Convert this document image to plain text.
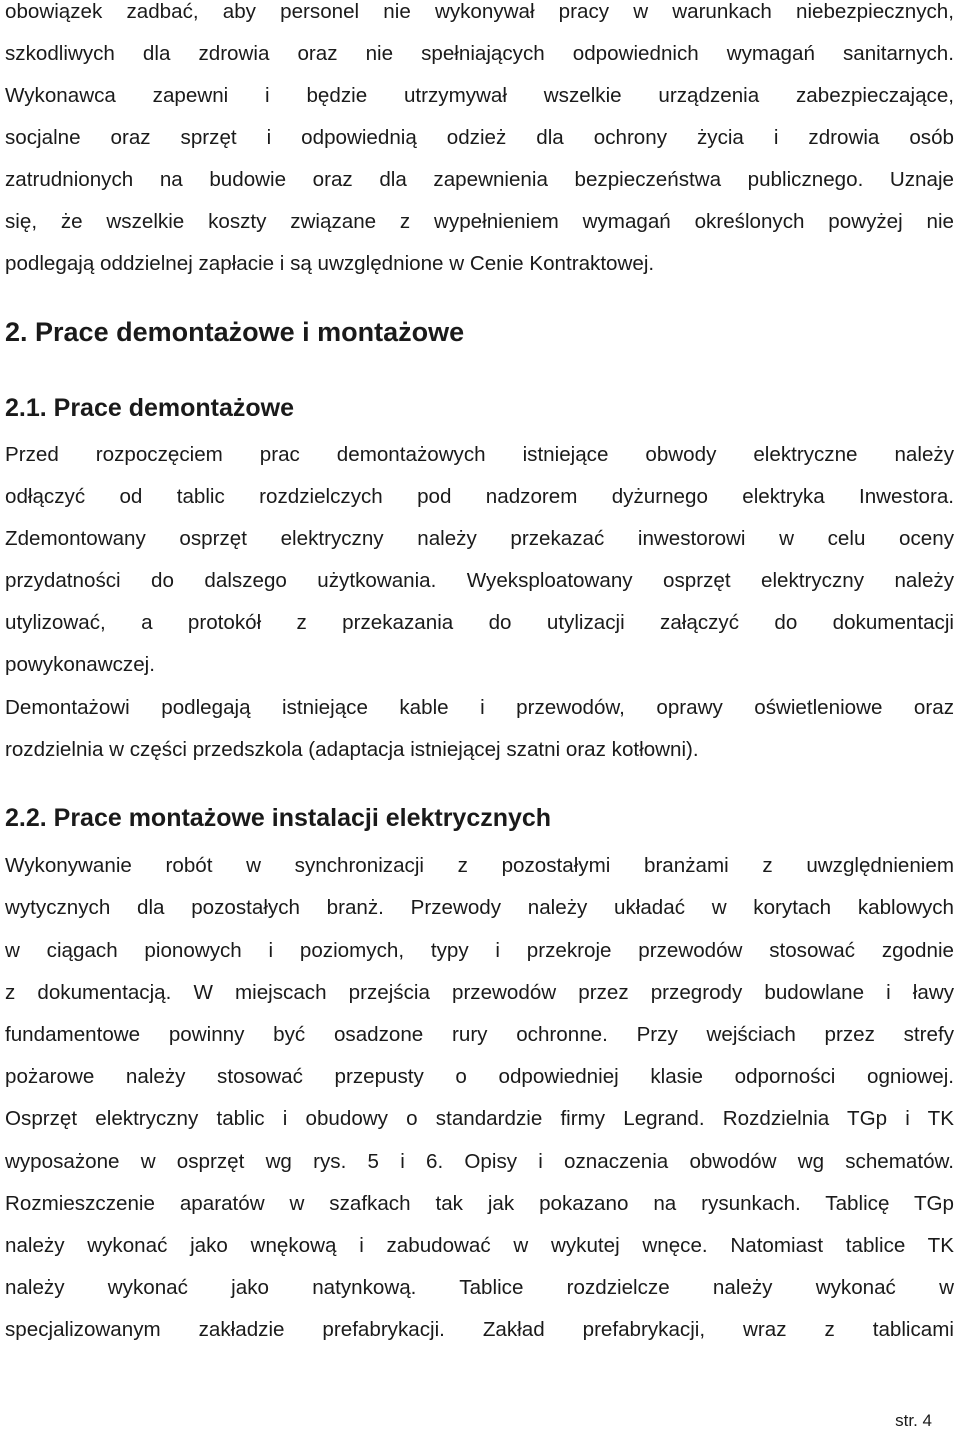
obowiązek zadbać, aby personel nie wykonywał pracy w warunkach niebezpiecznych,
szkodliwych dla zdrowia oraz nie spełniających odpowiednich wymagań sanitarnych.
Wykonawca zapewni i będzie utrzymywał wszelkie urządzenia zabezpieczające,
socjalne oraz sprzęt i odpowiednią odzież dla ochrony życia i zdrowia osób
zatrudnionych na budowie oraz dla zapewnienia bezpieczeństwa publicznego. Uznaje
się, że wszelkie koszty związane z wypełnieniem wymagań określonych powyżej nie
podlegają oddzielnej zapłacie i są uwzględnione w Cenie Kontraktowej.
2. Prace demontażowe i montażowe
2.1. Prace demontażowe
Przed rozpoczęciem prac demontażowych istniejące obwody elektryczne należy
odłączyć od tablic rozdzielczych pod nadzorem dyżurnego elektryka Inwestora.
Zdemontowany osprzęt elektryczny należy przekazać inwestorowi w celu oceny
przydatności do dalszego użytkowania. Wyeksploatowany osprzęt elektryczny należy
utylizować, a protokół z przekazania do utylizacji załączyć do dokumentacji
powykonawczej.
Demontażowi podlegają istniejące kable i przewodów, oprawy oświetleniowe oraz
rozdzielnia w części przedszkola (adaptacja istniejącej szatni oraz kotłowni).
2.2. Prace montażowe instalacji elektrycznych
Wykonywanie robót w synchronizacji z pozostałymi branżami z uwzględnieniem
wytycznych dla pozostałych branż. Przewody należy układać w korytach kablowych
w ciągach pionowych i poziomych, typy i przekroje przewodów stosować zgodnie
z dokumentacją. W miejscach przejścia przewodów przez przegrody budowlane i ławy
fundamentowe powinny być osadzone rury ochronne. Przy wejściach przez strefy
pożarowe należy stosować przepusty o odpowiedniej klasie odporności ogniowej.
Osprzęt elektryczny tablic i obudowy o standardzie firmy Legrand. Rozdzielnia TGp i TK
wyposażone w osprzęt wg rys. 5 i 6. Opisy i oznaczenia obwodów wg schematów.
Rozmieszczenie aparatów w szafkach tak jak pokazano na rysunkach. Tablicę TGp
należy wykonać jako wnękową i zabudować w wykutej wnęce. Natomiast tablice TK
należy wykonać jako natynkową. Tablice rozdzielcze należy wykonać w
specjalizowanym zakładzie prefabrykacji. Zakład prefabrykacji, wraz z tablicami
str. 4
